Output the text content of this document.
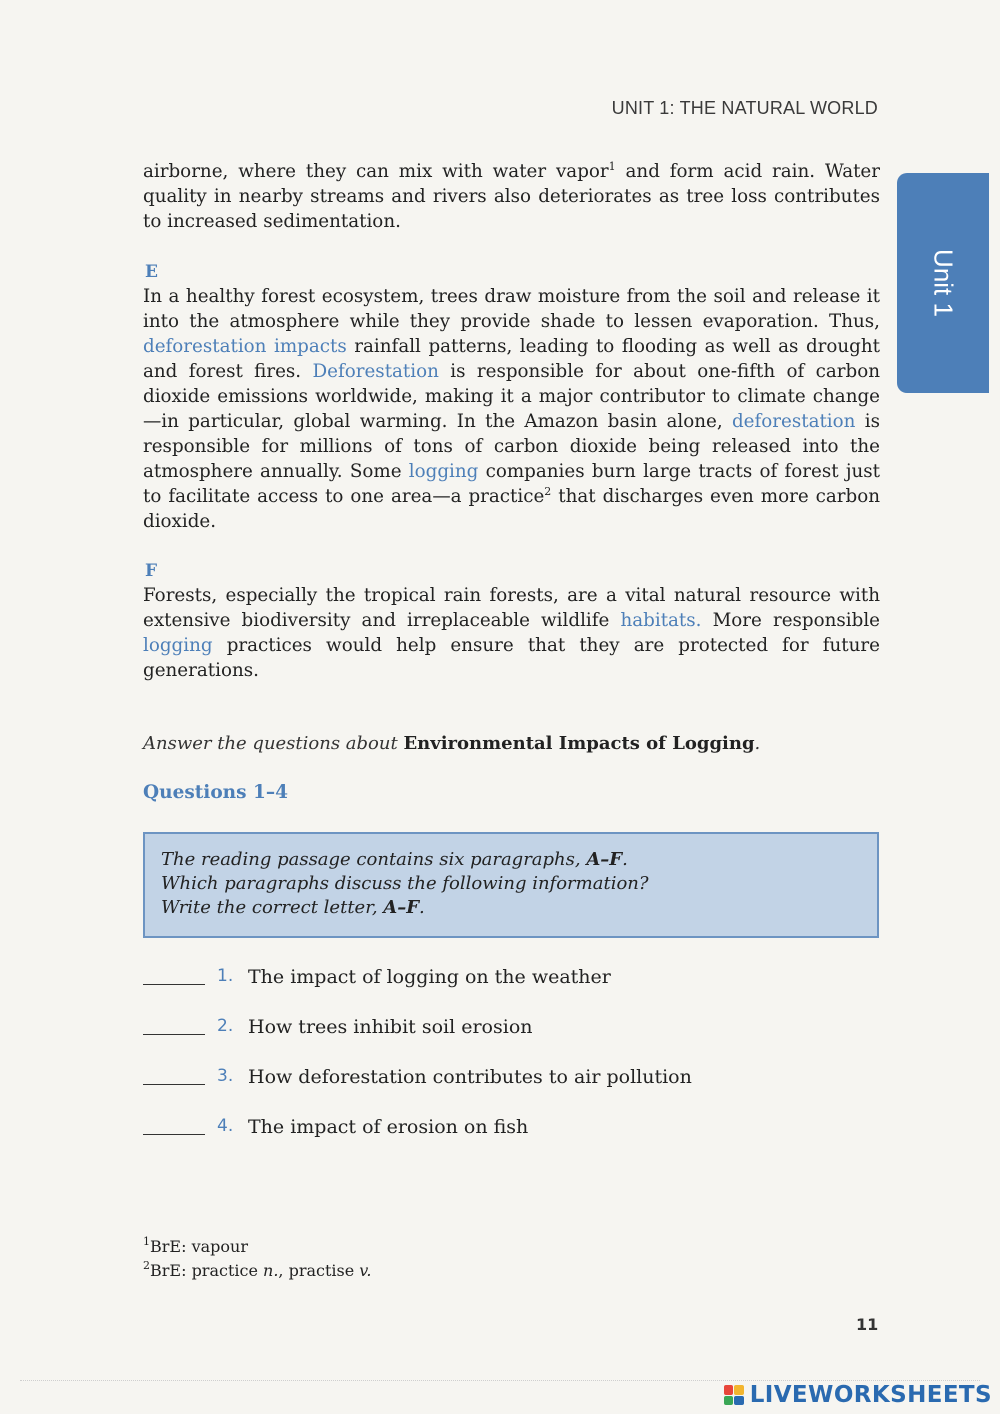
UNIT 1: THE NATURAL WORLD
Unit 1

airborne, where they can mix with water vapor$^1$ and form acid rain. Water quality in nearby streams and rivers also deteriorates as tree loss contributes to increased sedimentation.

E

In a healthy forest ecosystem, trees draw moisture from the soil and release it into the atmosphere while they provide shade to lessen evaporation. Thus, deforestation impacts rainfall patterns, leading to flooding as well as drought and forest fires. Deforestation is responsible for about one-fifth of carbon dioxide emissions worldwide, making it a major contributor to climate change—in particular, global warming. In the Amazon basin alone, deforestation is responsible for millions of tons of carbon dioxide being released into the atmosphere annually. Some logging companies burn large tracts of forest just to facilitate access to one area—a practice$^2$ that discharges even more carbon dioxide.

F

Forests, especially the tropical rain forests, are a vital natural resource with extensive biodiversity and irreplaceable wildlife habitats. More responsible logging practices would help ensure that they are protected for future generations.

Answer the questions about Environmental Impacts of Logging.
Questions 1–4
The reading passage contains six paragraphs, A–F.
Which paragraphs discuss the following information?
Write the correct letter, A–F.
1. The impact of logging on the weather
2. How trees inhibit soil erosion
3. How deforestation contributes to air pollution
4. The impact of erosion on fish
$^1$BrE: vapour
$^2$BrE: practice n., practise v.
11
LIVEWORKSHEETS
